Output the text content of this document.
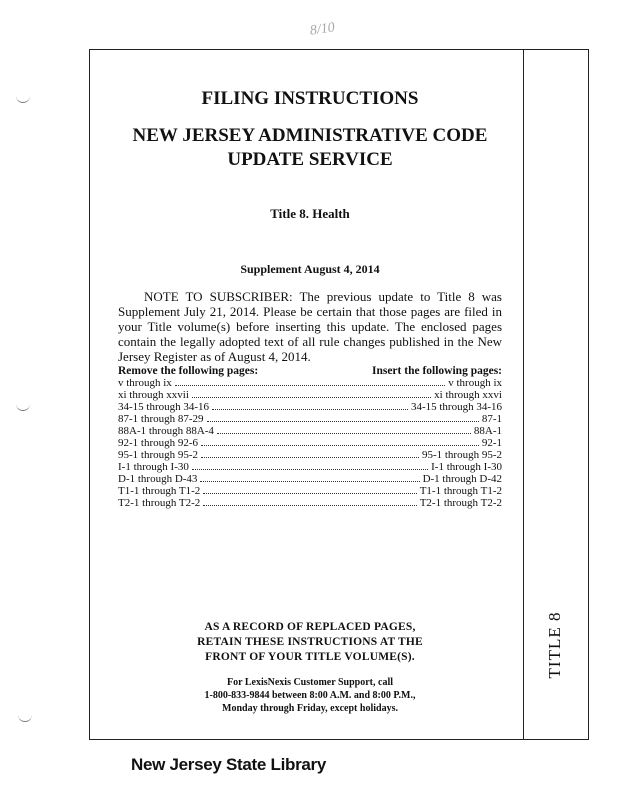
8/10
TITLE 8
FILING INSTRUCTIONS
NEW JERSEY ADMINISTRATIVE CODE
UPDATE SERVICE

Title 8. Health

Supplement August 4, 2014

NOTE TO SUBSCRIBER: The previous update to Title 8 was Supplement July 21, 2014. Please be certain that those pages are filed in your Title volume(s) before inserting this update. The enclosed pages contain the legally adopted text of all rule changes published in the New Jersey Register as of August 4, 2014.

Remove the following pages:	Insert the following pages:
v through ix	v through ix
xi through xxvii	xi through xxvi
34-15 through 34-16	34-15 through 34-16
87-1 through 87-29	87-1
88A-1 through 88A-4	88A-1
92-1 through 92-6	92-1
95-1 through 95-2	95-1 through 95-2
I-1 through I-30	I-1 through I-30
D-1 through D-43	D-1 through D-42
T1-1 through T1-2	T1-1 through T1-2
T2-1 through T2-2	T2-1 through T2-2

AS A RECORD OF REPLACED PAGES,

RETAIN THESE INSTRUCTIONS AT THE

FRONT OF YOUR TITLE VOLUME(S).

For LexisNexis Customer Support, call

1-800-833-9844 between 8:00 A.M. and 8:00 P.M.,

Monday through Friday, except holidays.

New Jersey State Library
